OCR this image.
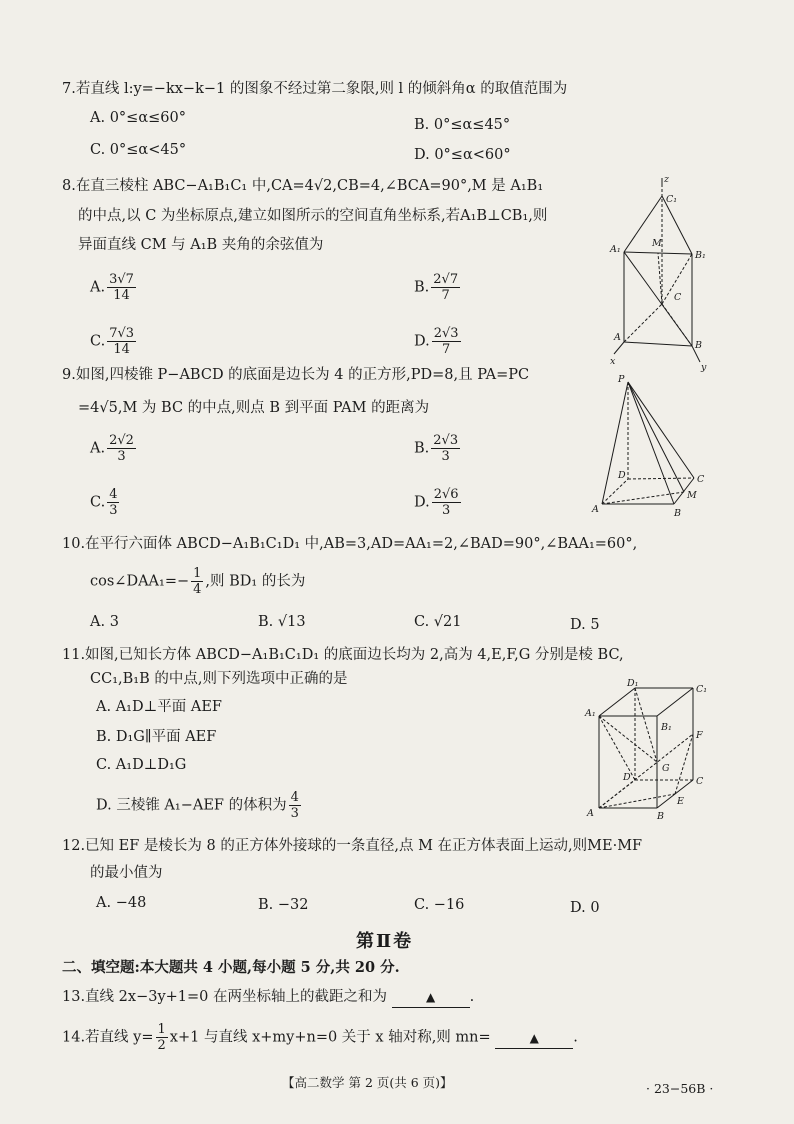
7.若直线 l:y=−kx−k−1 的图象不经过第二象限,则 l 的倾斜角α 的取值范围为
A. 0°≤α≤60°	B. 0°≤α≤45°
C. 0°≤α<45°	D. 0°≤α<60°
8.在直三棱柱 ABC−A₁B₁C₁ 中,CA=4√2,CB=4,∠BCA=90°,M 是 A₁B₁
的中点,以 C 为坐标原点,建立如图所示的空间直角坐标系,若A₁B⊥CB₁,则
异面直线 CM 与 A₁B 夹角的余弦值为
A. $\frac{3√7}{14}$	B. $\frac{2√7}{7}$
C. $\frac{7√3}{14}$	D. $\frac{2√3}{7}$
z
C₁
A₁
M
B₁
C
A
B
x
y
9.如图,四棱锥 P−ABCD 的底面是边长为 4 的正方形,PD=8,且 PA=PC
=4√5,M 为 BC 的中点,则点 B 到平面 PAM 的距离为
A. $\frac{2√2}{3}$	B. $\frac{2√3}{3}$
C. $\frac{4}{3}$	D. $\frac{2√6}{3}$
P
D	C
A
M
B
10.在平行六面体 ABCD−A₁B₁C₁D₁ 中,AB=3,AD=AA₁=2,∠BAD=90°,∠BAA₁=60°,
cos∠DAA₁=− $\frac{1}{4}$ ,则 BD₁ 的长为
A. 3	B. √13	C. √21	D. 5
11.如图,已知长方体 ABCD−A₁B₁C₁D₁ 的底面边长均为 2,高为 4,E,F,G 分别是棱 BC,
CC₁,B₁B 的中点,则下列选项中正确的是
A. A₁D⊥平面 AEF
B. D₁G∥平面 AEF
C. A₁D⊥D₁G
D. 三棱锥 A₁−AEF 的体积为 $\frac{4}{3}$
D₁
C₁
A₁
B₁
F
G
D	C
A
E
B
12.已知 EF 是棱长为 8 的正方体外接球的一条直径,点 M 在正方体表面上运动,则ME·MF
的最小值为
A. −48	B. −32	C. −16	D. 0
第Ⅱ卷
二、填空题:本大题共 4 小题,每小题 5 分,共 20 分.
13.直线 2x−3y+1=0 在两坐标轴上的截距之和为	▲ .
14.若直线 $y= \frac{1}{2} x+1$ 与直线 x+my+n=0 关于 x 轴对称,则 mn=	▲ .
【高二数学 第 2 页(共 6 页)】	· 23−56B ·
